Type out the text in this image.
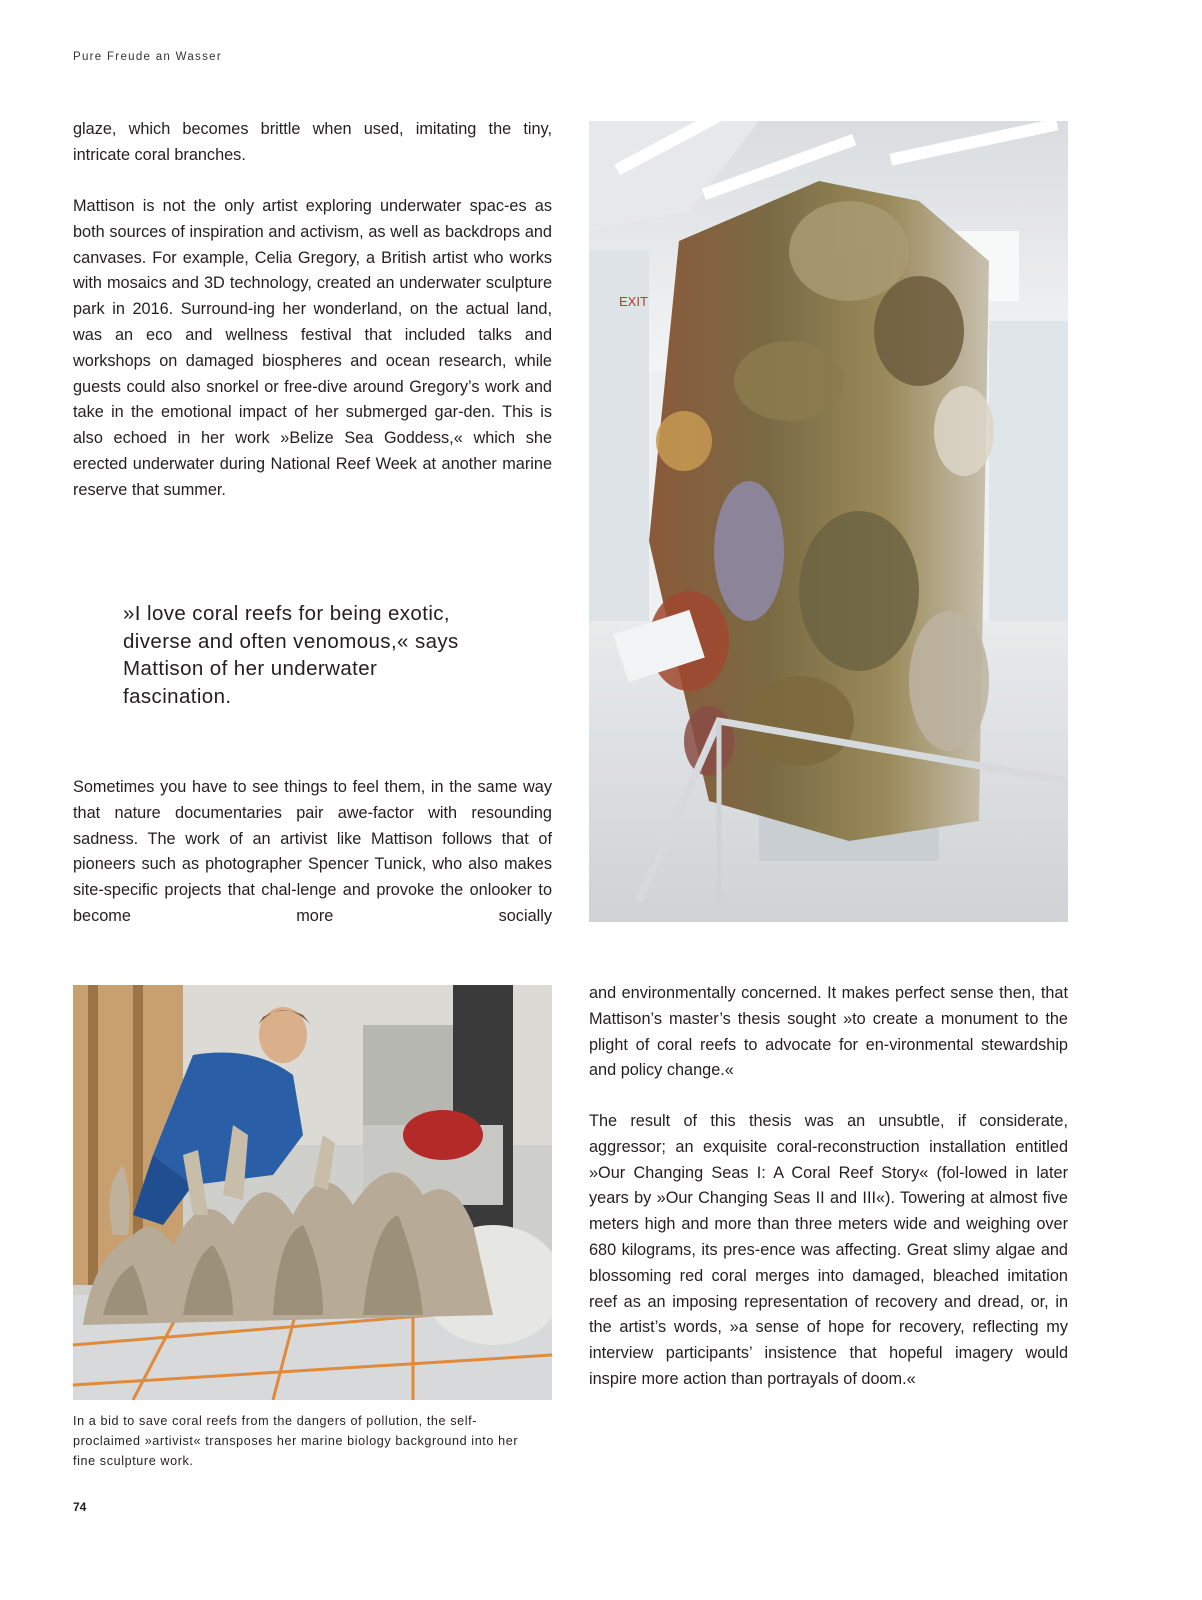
Pure Freude an Wasser

glaze, which becomes brittle when used, imitating the tiny, intricate coral branches.

Mattison is not the only artist exploring underwater spac-es as both sources of inspiration and activism, as well as backdrops and canvases. For example, Celia Gregory, a British artist who works with mosaics and 3D technology, created an underwater sculpture park in 2016. Surround-ing her wonderland, on the actual land, was an eco and wellness festival that included talks and workshops on damaged biospheres and ocean research, while guests could also snorkel or free-dive around Gregory’s work and take in the emotional impact of her submerged gar-den. This is also echoed in her work »Belize Sea Goddess,« which she erected underwater during National Reef Week at another marine reserve that summer.

»I love coral reefs for being exotic, diverse and often venomous,« says Mattison of her underwater fascination.

Sometimes you have to see things to feel them, in the same way that nature documentaries pair awe-factor with resounding sadness. The work of an artivist like Mattison follows that of pioneers such as photographer Spencer Tunick, who also makes site-specific projects that chal-lenge and provoke the onlooker to become more socially

and environmentally concerned. It makes perfect sense then, that Mattison’s master’s thesis sought »to create a monument to the plight of coral reefs to advocate for en-vironmental stewardship and policy change.«

The result of this thesis was an unsubtle, if considerate, aggressor; an exquisite coral-reconstruction installation entitled »Our Changing Seas I: A Coral Reef Story« (fol-lowed in later years by »Our Changing Seas II and III«). Towering at almost five meters high and more than three meters wide and weighing over 680 kilograms, its pres-ence was affecting. Great slimy algae and blossoming red coral merges into damaged, bleached imitation reef as an imposing representation of recovery and dread, or, in the artist’s words, »a sense of hope for recovery, reflecting my interview participants’ insistence that hopeful imagery would inspire more action than portrayals of doom.«

EXIT

In a bid to save coral reefs from the dangers of pollution, the self-proclaimed »artivist« transposes her marine biology background into her fine sculpture work.

74
